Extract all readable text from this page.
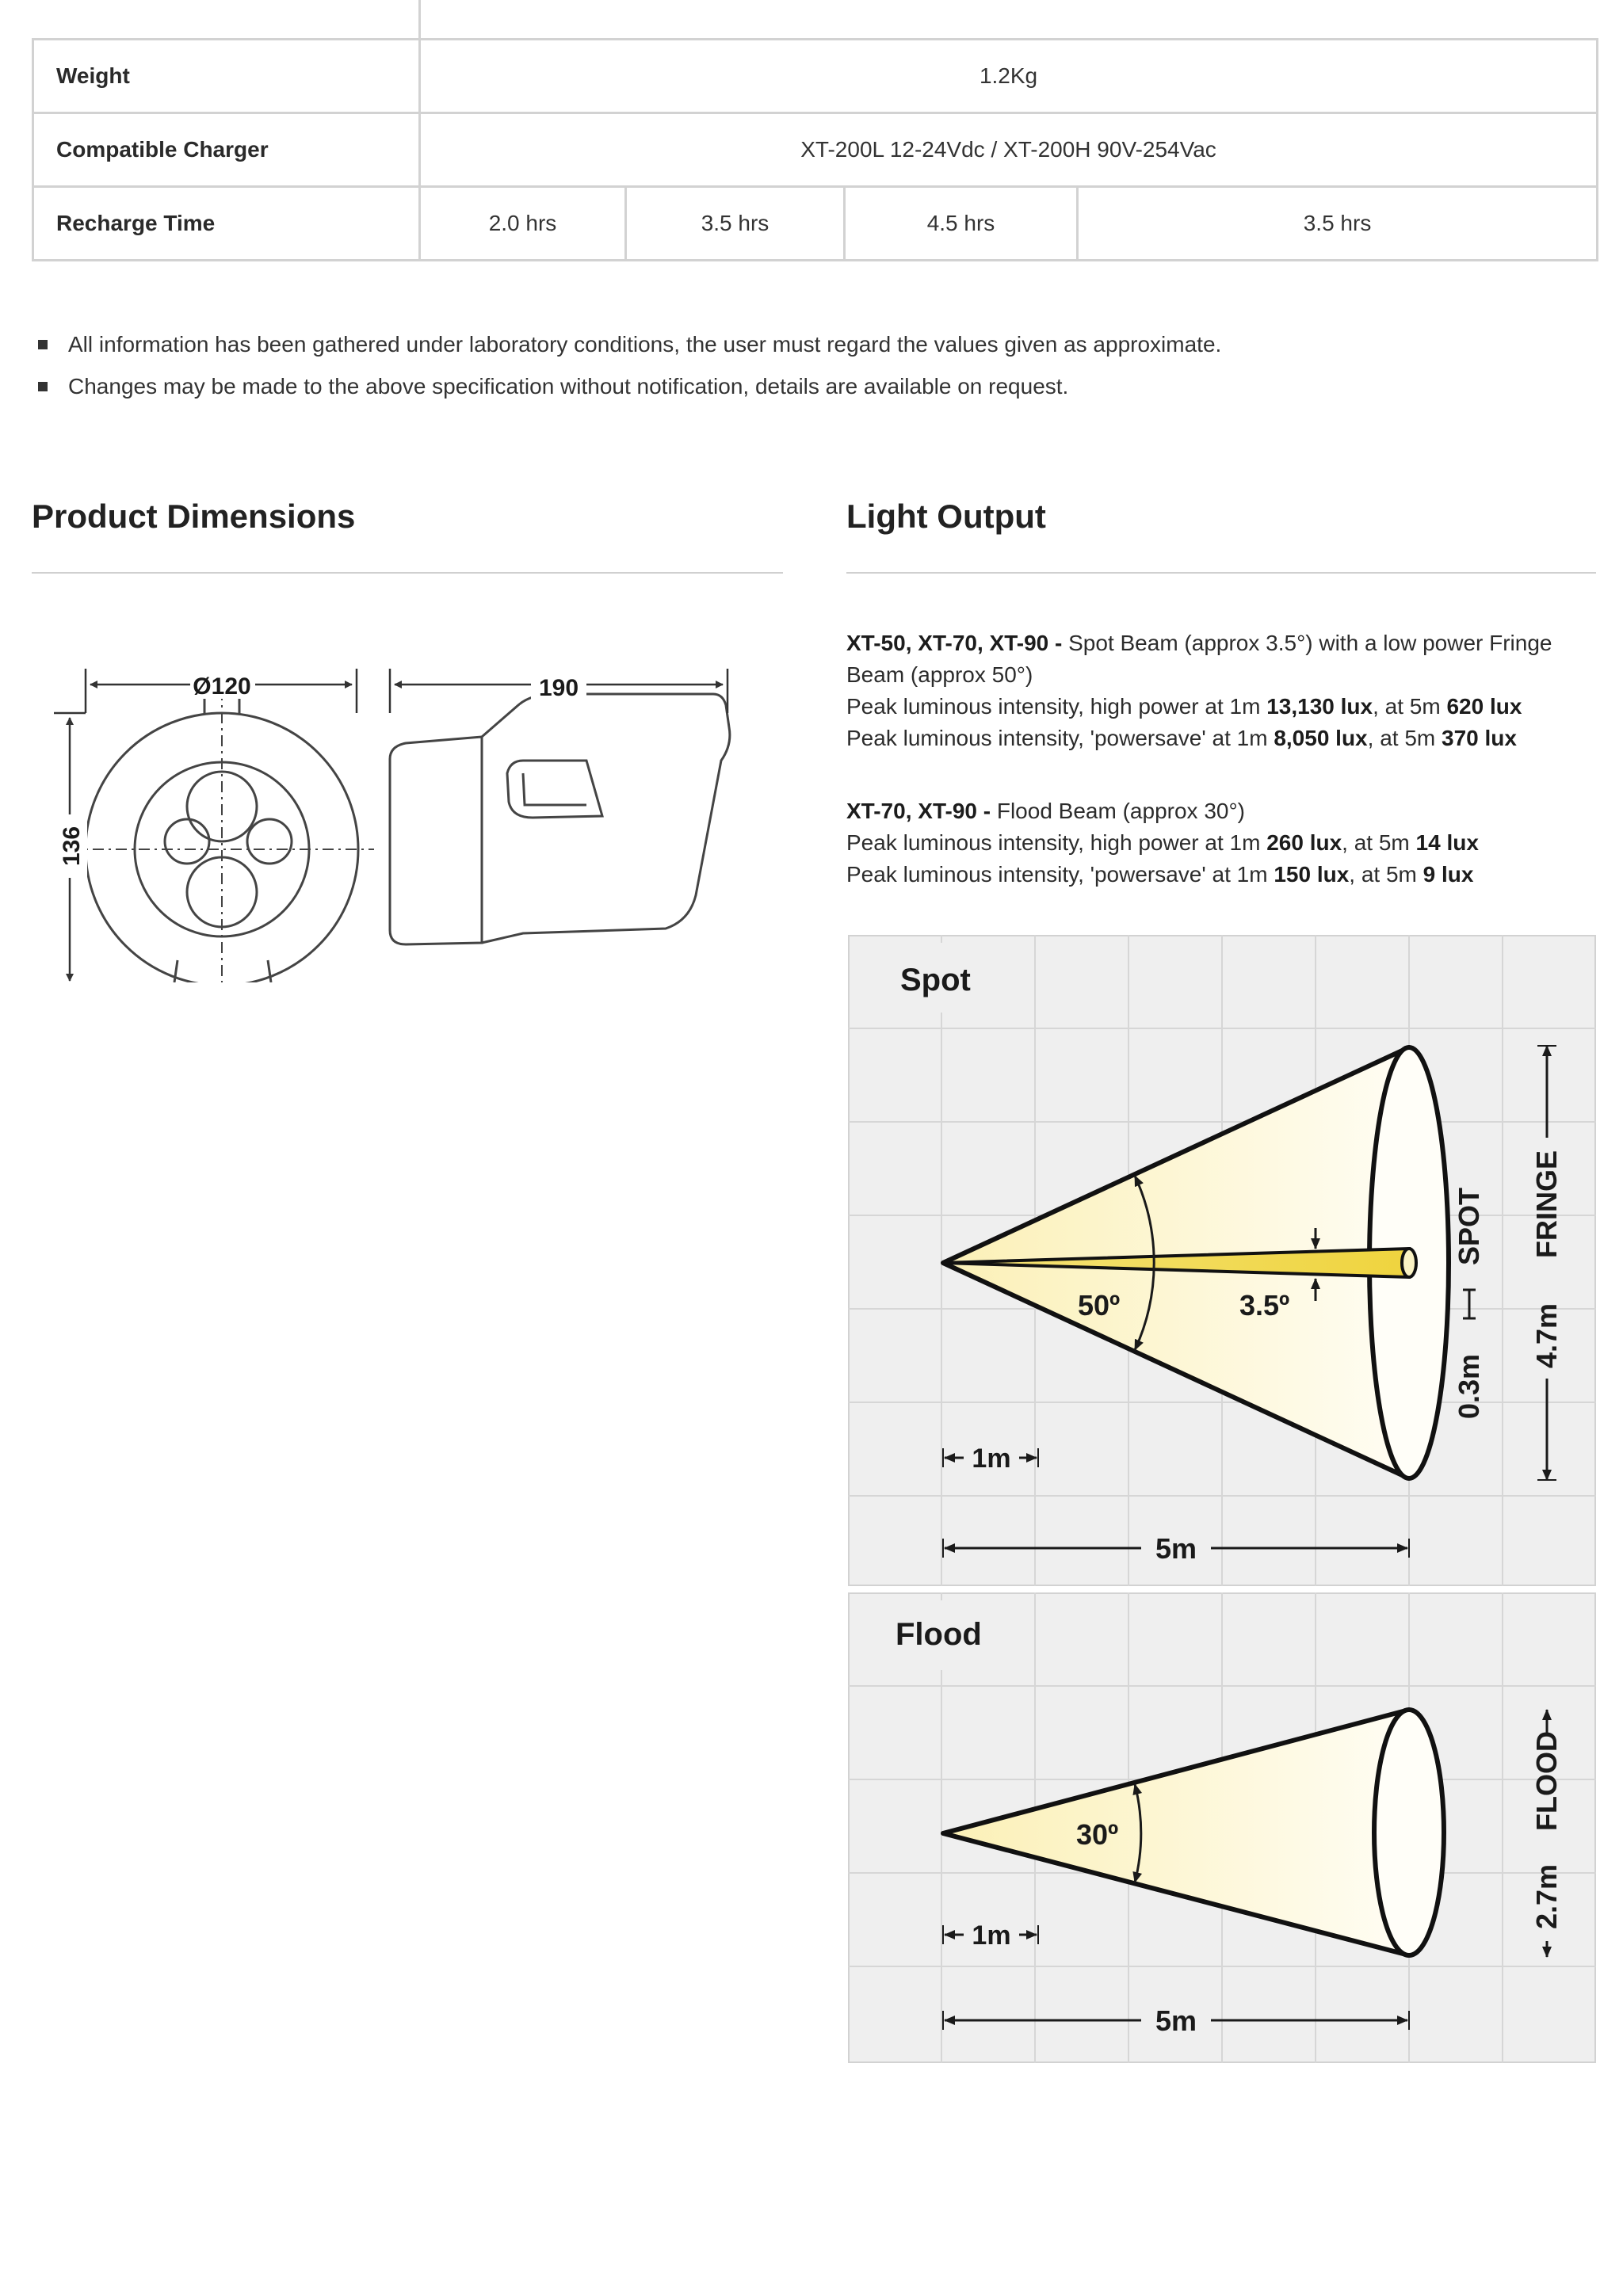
Weight	1.2Kg			
Compatible Charger	XT-200L 12-24Vdc / XT-200H 90V-254Vac			
Recharge Time	2.0 hrs	3.5 hrs	4.5 hrs	3.5 hrs
All information has been gathered under laboratory conditions, the user must regard the values given as approximate.
Changes may be made to the above specification without notification, details are available on request.
Product Dimensions	Light Output

XT-50, XT-70, XT-90 - Spot Beam (approx 3.5°) with a low power Fringe Beam (approx 50°)

Peak luminous intensity, high power at 1m 13,130 lux, at 5m 620 lux

Peak luminous intensity, 'powersave' at 1m 8,050 lux, at 5m 370 lux

XT-70, XT-90 - Flood Beam (approx 30°)

Peak luminous intensity, high power at 1m 260 lux, at 5m 14 lux

Peak luminous intensity, 'powersave' at 1m 150 lux, at 5m 9 lux

Ø120	190
136
Spot
50º	3.5º
1m
5m
0.3m
SPOT FRINGE
4.7m
Flood
30º
1m
5m
FLOOD
2.7m
